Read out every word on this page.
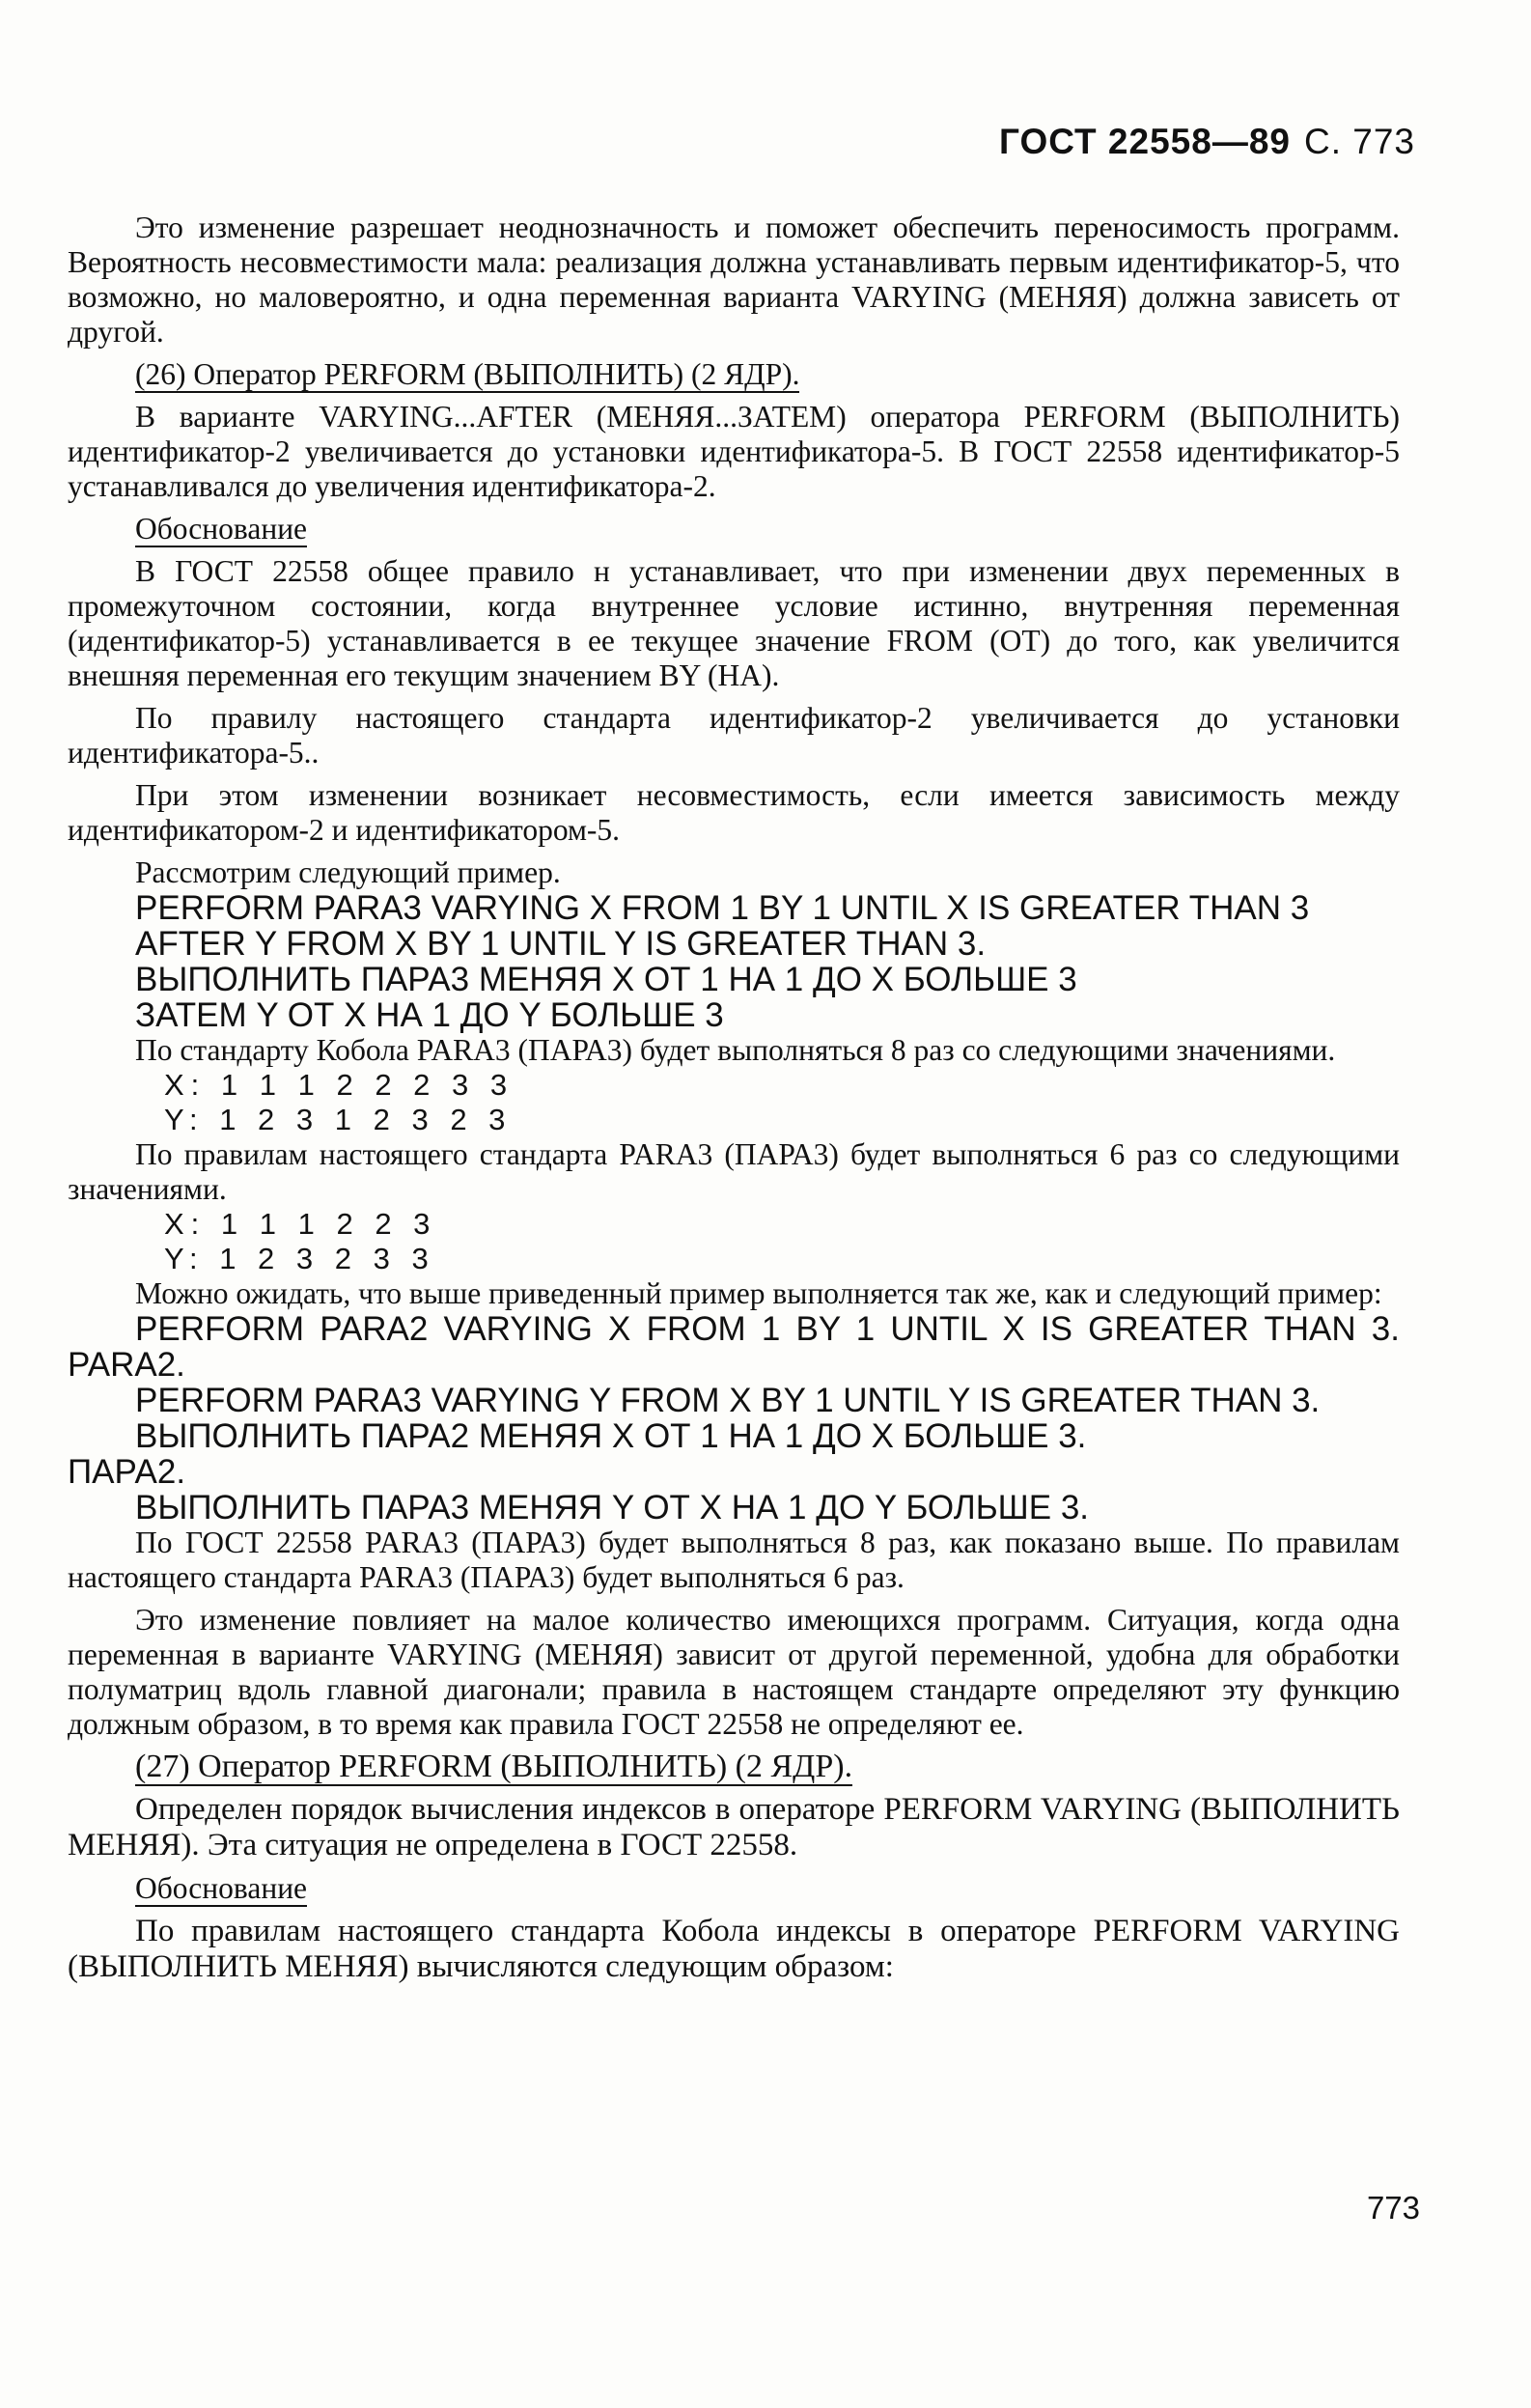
ГОСТ 22558—89 С. 773

Это изменение разрешает неоднозначность и поможет обеспечить переносимость программ. Вероятность несовместимости мала: реализация должна устанавливать первым идентификатор-5, что возможно, но маловероятно, и одна переменная варианта VARYING (МЕНЯЯ) должна зависеть от другой.

(26) Оператор PERFORM (ВЫПОЛНИТЬ) (2 ЯДР).

В варианте VARYING...AFTER (МЕНЯЯ...ЗАТЕМ) оператора PERFORM (ВЫПОЛНИТЬ) идентификатор-2 увеличивается до установки идентификатора-5. В ГОСТ 22558 идентификатор-5 устанавливался до увеличения идентификатора-2.

Обоснование

В ГОСТ 22558 общее правило н устанавливает, что при изменении двух переменных в промежуточном состоянии, когда внутреннее условие истинно, внутренняя переменная (идентификатор-5) устанавливается в ее текущее значение FROM (ОТ) до того, как увеличится внешняя переменная его текущим значением BY (НА).

По правилу настоящего стандарта идентификатор-2 увеличивается до установки идентификатора-5..

При этом изменении возникает несовместимость, если имеется зависимость между идентификатором-2 и идентификатором-5.

Рассмотрим следующий пример.

PERFORM PARA3 VARYING X FROM 1 BY 1 UNTIL X IS GREATER THAN 3

AFTER Y FROM X BY 1 UNTIL Y IS GREATER THAN 3.

ВЫПОЛНИТЬ ПАРА3 МЕНЯЯ X ОТ 1 НА 1 ДО X БОЛЬШЕ 3

ЗАТЕМ Y ОТ X НА 1 ДО Y БОЛЬШЕ 3

По стандарту Кобола PARA3 (ПАРА3) будет выполняться 8 раз со следующими значениями.

X: 1 1 1 2 2 2 3 3

Y: 1 2 3 1 2 3 2 3

По правилам настоящего стандарта PARA3 (ПАРА3) будет выполняться 6 раз со следующими значениями.

X: 1 1 1 2 2 3

Y: 1 2 3 2 3 3

Можно ожидать, что выше приведенный пример выполняется так же, как и следующий пример:

PERFORM PARA2 VARYING X FROM 1 BY 1 UNTIL X IS GREATER THAN 3. PARA2.

PERFORM PARA3 VARYING Y FROM X BY 1 UNTIL Y IS GREATER THAN 3.

ВЫПОЛНИТЬ ПАРА2 МЕНЯЯ X ОТ 1 НА 1 ДО X БОЛЬШЕ 3.

ПАРА2.

ВЫПОЛНИТЬ ПАРА3 МЕНЯЯ Y ОТ X НА 1 ДО Y БОЛЬШЕ 3.

По ГОСТ 22558 PARA3 (ПАРА3) будет выполняться 8 раз, как показано выше. По правилам настоящего стандарта PARA3 (ПАРА3) будет выполняться 6 раз.

Это изменение повлияет на малое количество имеющихся программ. Ситуация, когда одна переменная в варианте VARYING (МЕНЯЯ) зависит от другой переменной, удобна для обработки полуматриц вдоль главной диагонали; правила в настоящем стандарте определяют эту функцию должным образом, в то время как правила ГОСТ 22558 не определяют ее.

(27) Оператор PERFORM (ВЫПОЛНИТЬ) (2 ЯДР).

Определен порядок вычисления индексов в операторе PERFORM VARYING (ВЫПОЛНИТЬ МЕНЯЯ). Эта ситуация не определена в ГОСТ 22558.

Обоснование

По правилам настоящего стандарта Кобола индексы в операторе PERFORM VARYING (ВЫПОЛНИТЬ МЕНЯЯ) вычисляются следующим образом:

773
